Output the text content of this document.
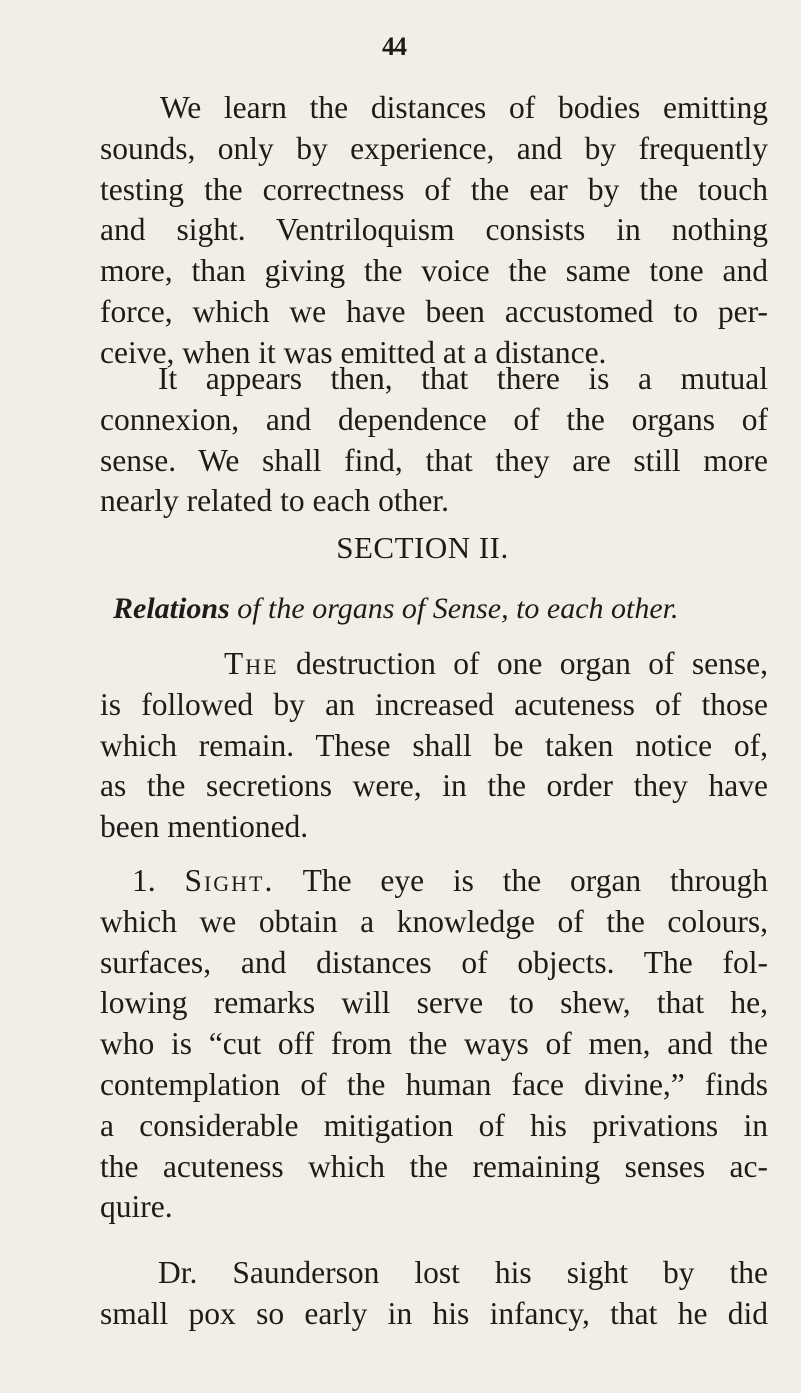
44

We learn the distances of bodies emitting
sounds, only by experience, and by frequently
testing the correctness of the ear by the touch
and sight. Ventriloquism consists in nothing
more, than giving the voice the same tone and
force, which we have been accustomed to per-
ceive, when it was emitted at a distance.

It appears then, that there is a mutual
connexion, and dependence of the organs of
sense. We shall find, that they are still more
nearly related to each other.

SECTION II.
Relations of the organs of Sense, to each other.

The destruction of one organ of sense,
is followed by an increased acuteness of those
which remain. These shall be taken notice of,
as the secretions were, in the order they have
been mentioned.

1. Sight. The eye is the organ through
which we obtain a knowledge of the colours,
surfaces, and distances of objects. The fol-
lowing remarks will serve to shew, that he,
who is “cut off from the ways of men, and the
contemplation of the human face divine,” finds
a considerable mitigation of his privations in
the acuteness which the remaining senses ac-
quire.

Dr. Saunderson lost his sight by the
small pox so early in his infancy, that he did
